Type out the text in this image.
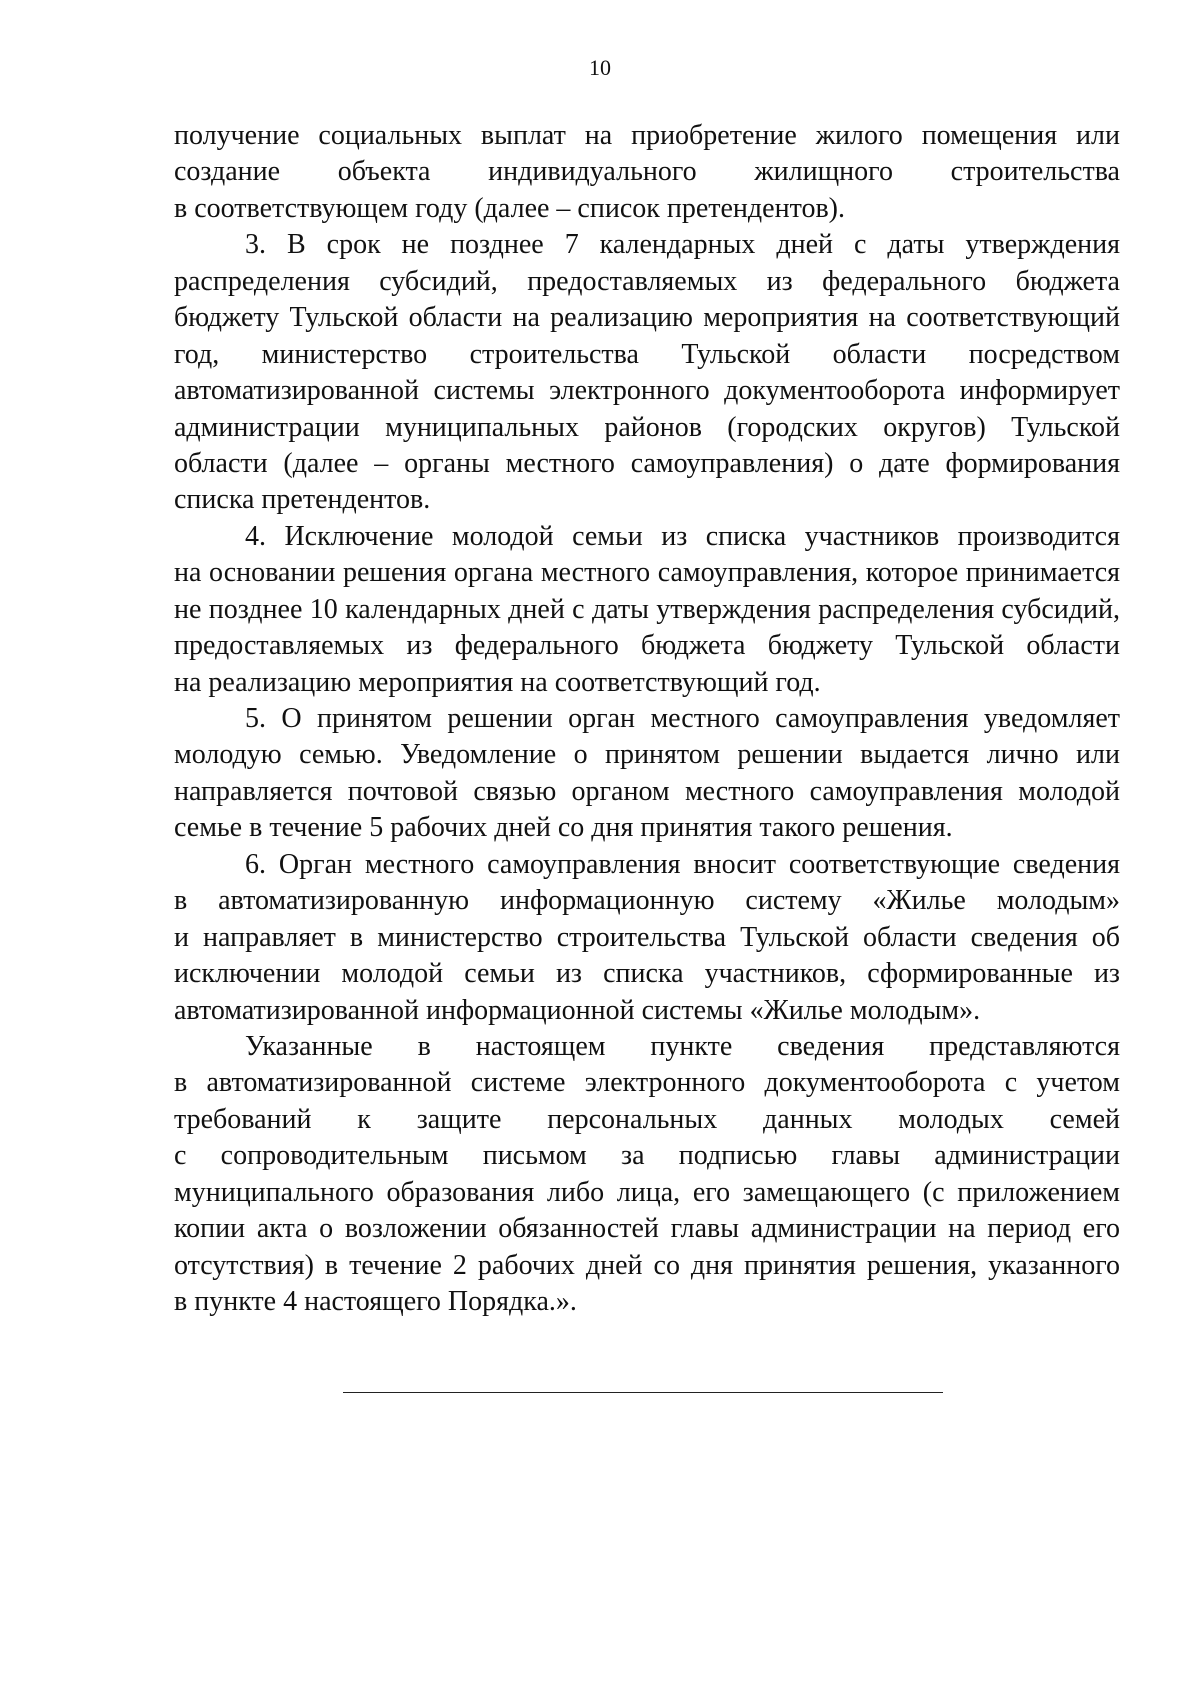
10
получение социальных выплат на приобретение жилого помещения или
создание объекта индивидуального жилищного строительства
в соответствующем году (далее – список претендентов).
3. В срок не позднее 7 календарных дней с даты утверждения
распределения субсидий, предоставляемых из федерального бюджета
бюджету Тульской области на реализацию мероприятия на соответствующий
год, министерство строительства Тульской области посредством
автоматизированной системы электронного документооборота информирует
администрации муниципальных районов (городских округов) Тульской
области (далее – органы местного самоуправления) о дате формирования
списка претендентов.
4. Исключение молодой семьи из списка участников производится
на основании решения органа местного самоуправления, которое принимается
не позднее 10 календарных дней с даты утверждения распределения субсидий,
предоставляемых из федерального бюджета бюджету Тульской области
на реализацию мероприятия на соответствующий год.
5. О принятом решении орган местного самоуправления уведомляет
молодую семью. Уведомление о принятом решении выдается лично или
направляется почтовой связью органом местного самоуправления молодой
семье в течение 5 рабочих дней со дня принятия такого решения.
6. Орган местного самоуправления вносит соответствующие сведения
в автоматизированную информационную систему «Жилье молодым»
и направляет в министерство строительства Тульской области сведения об
исключении молодой семьи из списка участников, сформированные из
автоматизированной информационной системы «Жилье молодым».
Указанные в настоящем пункте сведения представляются
в автоматизированной системе электронного документооборота с учетом
требований к защите персональных данных молодых семей
с сопроводительным письмом за подписью главы администрации
муниципального образования либо лица, его замещающего (с приложением
копии акта о возложении обязанностей главы администрации на период его
отсутствия) в течение 2 рабочих дней со дня принятия решения, указанного
в пункте 4 настоящего Порядка.».
